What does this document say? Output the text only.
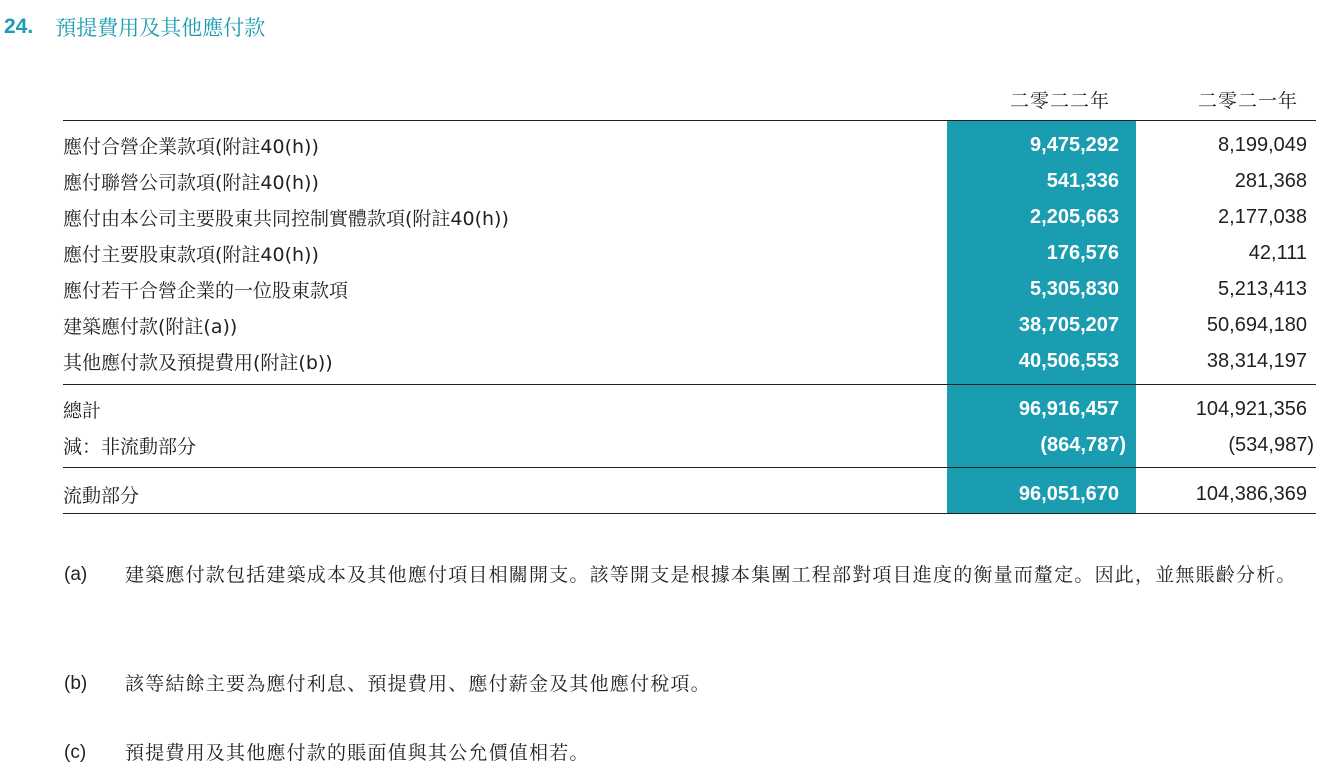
24. 預提費用及其他應付款
二零二二年	二零二一年
應付合營企業款項(附註40(h))	9,475,292	8,199,049
應付聯營公司款項(附註40(h))	541,336	281,368
應付由本公司主要股東共同控制實體款項(附註40(h))	2,205,663	2,177,038
應付主要股東款項(附註40(h))	176,576	42,111
應付若干合營企業的一位股東款項	5,305,830	5,213,413
建築應付款(附註(a))	38,705,207	50,694,180
其他應付款及預提費用(附註(b))	40,506,553	38,314,197
總計	96,916,457	104,921,356
減：非流動部分	(864,787)	(534,987)
流動部分	96,051,670	104,386,369
(a) 建築應付款包括建築成本及其他應付項目相關開支。該等開支是根據本集團工程部對項目進度的衡量而釐定。因此，並無賬齡分析。
(b) 該等結餘主要為應付利息、預提費用、應付薪金及其他應付稅項。
(c) 預提費用及其他應付款的賬面值與其公允價值相若。
